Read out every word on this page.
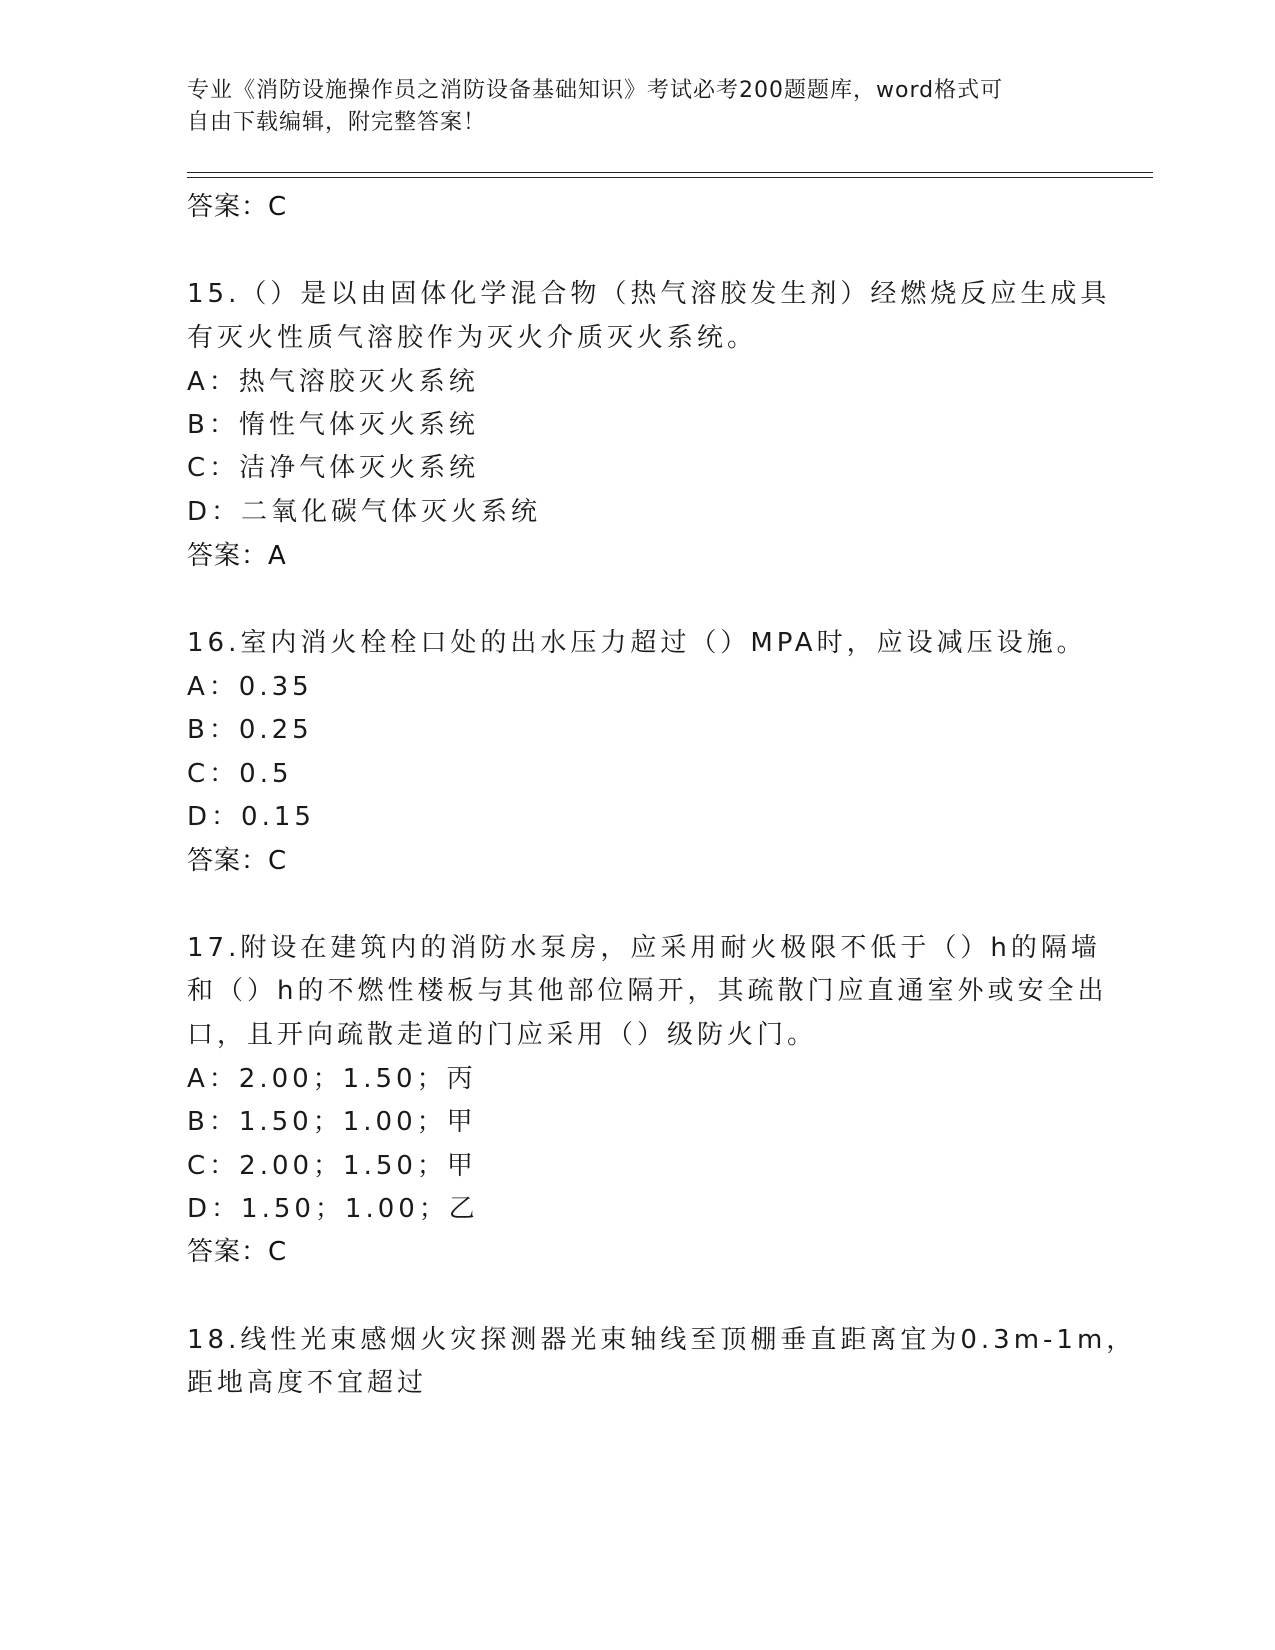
专业《消防设施操作员之消防设备基础知识》考试必考200题题库，word格式可
自由下载编辑，附完整答案！
答案：C
15.（）是以由固体化学混合物（热气溶胶发生剂）经燃烧反应生成具
有灭火性质气溶胶作为灭火介质灭火系统。
A：热气溶胶灭火系统
B：惰性气体灭火系统
C：洁净气体灭火系统
D：二氧化碳气体灭火系统
答案：A
16.室内消火栓栓口处的出水压力超过（）MPA时，应设减压设施。
A：0.35
B：0.25
C：0.5
D：0.15
答案：C
17.附设在建筑内的消防水泵房，应采用耐火极限不低于（）h的隔墙
和（）h的不燃性楼板与其他部位隔开，其疏散门应直通室外或安全出
口，且开向疏散走道的门应采用（）级防火门。
A：2.00；1.50；丙
B：1.50；1.00；甲
C：2.00；1.50；甲
D：1.50；1.00；乙
答案：C
18.线性光束感烟火灾探测器光束轴线至顶棚垂直距离宜为0.3m-1m，
距地高度不宜超过
